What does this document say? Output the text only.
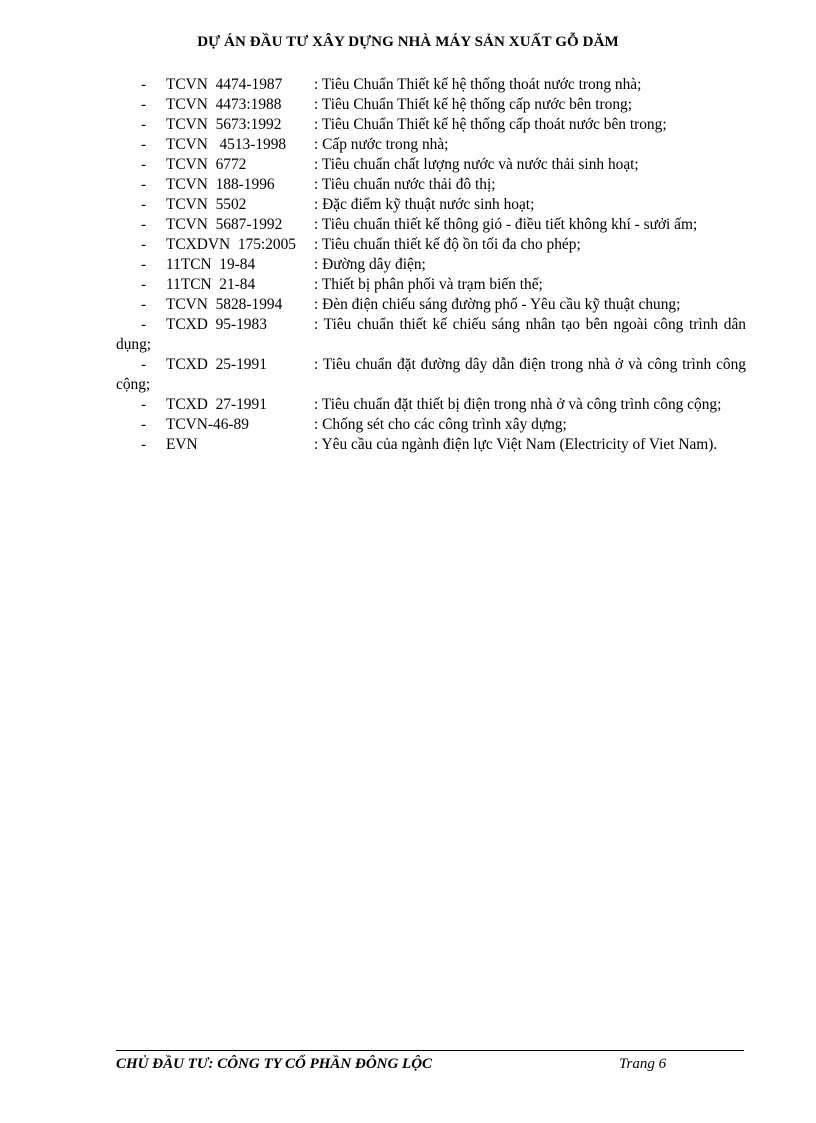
DỰ ÁN ĐẦU TƯ XÂY DỰNG NHÀ MÁY SẢN XUẤT GỖ DĂM

- TCVN  4474-1987 : Tiêu Chuẩn Thiết kế hệ thống thoát nước trong nhà;

- TCVN  4473:1988 : Tiêu Chuẩn Thiết kế hệ thống cấp nước bên trong;

- TCVN  5673:1992 : Tiêu Chuẩn Thiết kế hệ thống cấp thoát nước bên trong;

- TCVN   4513-1998 : Cấp nước trong nhà;

- TCVN  6772	: Tiêu chuẩn chất lượng nước và nước thải sinh hoạt;

- TCVN  188-1996	: Tiêu chuẩn nước thải đô thị;

- TCVN  5502	: Đặc điểm kỹ thuật nước sinh hoạt;

- TCVN  5687-1992 : Tiêu chuẩn thiết kế thông gió - điều tiết không khí - sưởi ấm;

- TCXDVN  175:2005 : Tiêu chuẩn thiết kế độ ồn tối đa cho phép;

- 11TCN  19-84	: Đường dây điện;

- 11TCN  21-84	: Thiết bị phân phối và trạm biến thế;

- TCVN  5828-1994 : Đèn điện chiếu sáng đường phố - Yêu cầu kỹ thuật chung;

- TCXD  95-1983	: Tiêu chuẩn thiết kế chiếu sáng nhân tạo bên ngoài công trình dân dụng;

- TCXD  25-1991	: Tiêu chuẩn đặt đường dây dẫn điện trong nhà ở và công trình công cộng;

- TCXD  27-1991	: Tiêu chuẩn đặt thiết bị điện trong nhà ở và công trình công cộng;

- TCVN-46-89	: Chống sét cho các công trình xây dựng;

- EVN	: Yêu cầu của ngành điện lực Việt Nam (Electricity of Viet Nam).

CHỦ ĐẦU TƯ: CÔNG TY CỔ PHẦN ĐÔNG LỘC	Trang 6
